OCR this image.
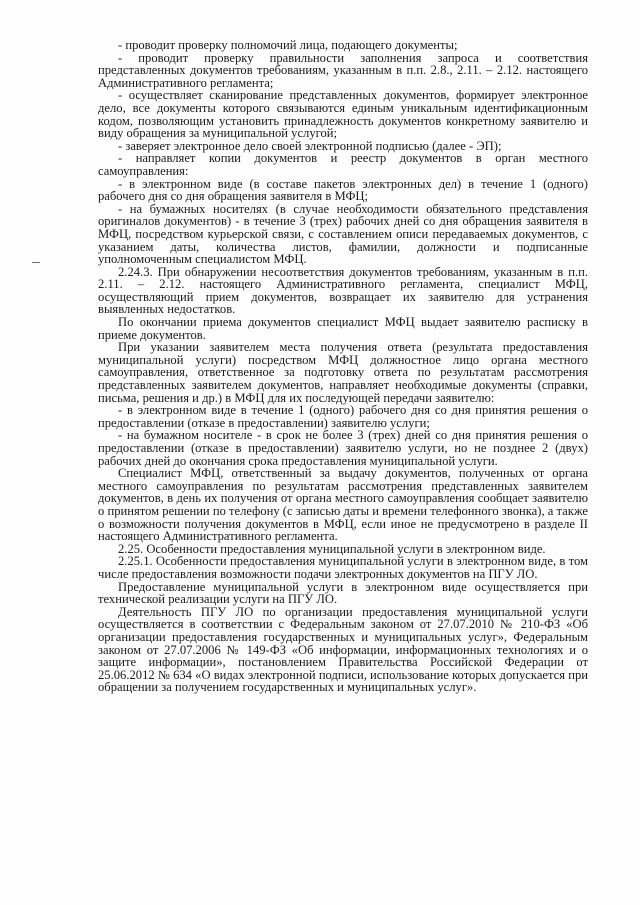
- проводит проверку полномочий лица, подающего документы;

- проводит проверку правильности заполнения запроса и соответствия представленных документов требованиям, указанным в п.п. 2.8., 2.11. – 2.12. настоящего Административного регламента;

- осуществляет сканирование представленных документов, формирует электронное дело, все документы которого связываются единым уникальным идентификационным кодом, позволяющим установить принадлежность документов конкретному заявителю и виду обращения за муниципальной услугой;

- заверяет электронное дело своей электронной подписью (далее - ЭП);

- направляет копии документов и реестр документов в орган местного самоуправления:

- в электронном виде (в составе пакетов электронных дел) в течение 1 (одного) рабочего дня со дня обращения заявителя в МФЦ;

- на бумажных носителях (в случае необходимости обязательного представления оригиналов документов) - в течение 3 (трех) рабочих дней со дня обращения заявителя в МФЦ, посредством курьерской связи, с составлением описи передаваемых документов, с указанием даты, количества листов, фамилии, должности и подписанные уполномоченным специалистом МФЦ.

2.24.3. При обнаружении несоответствия документов требованиям, указанным в п.п. 2.11. – 2.12. настоящего Административного регламента, специалист МФЦ, осуществляющий прием документов, возвращает их заявителю для устранения выявленных недостатков.

По окончании приема документов специалист МФЦ выдает заявителю расписку в приеме документов.

При указании заявителем места получения ответа (результата предоставления муниципальной услуги) посредством МФЦ должностное лицо органа местного самоуправления, ответственное за подготовку ответа по результатам рассмотрения представленных заявителем документов, направляет необходимые документы (справки, письма, решения и др.) в МФЦ для их последующей передачи заявителю:

- в электронном виде в течение 1 (одного) рабочего дня со дня принятия решения о предоставлении (отказе в предоставлении) заявителю услуги;

- на бумажном носителе - в срок не более 3 (трех) дней со дня принятия решения о предоставлении (отказе в предоставлении) заявителю услуги, но не позднее 2 (двух) рабочих дней до окончания срока предоставления муниципальной услуги.

Специалист МФЦ, ответственный за выдачу документов, полученных от органа местного самоуправления по результатам рассмотрения представленных заявителем документов, в день их получения от органа местного самоуправления сообщает заявителю о принятом решении по телефону (с записью даты и времени телефонного звонка), а также о возможности получения документов в МФЦ, если иное не предусмотрено в разделе II настоящего Административного регламента.

2.25. Особенности предоставления муниципальной услуги в электронном виде.

2.25.1. Особенности предоставления муниципальной услуги в электронном виде, в том числе предоставления возможности подачи электронных документов на ПГУ ЛО.

Предоставление муниципальной услуги в электронном виде осуществляется при технической реализации услуги на ПГУ ЛО.

Деятельность ПГУ ЛО по организации предоставления муниципальной услуги осуществляется в соответствии с Федеральным законом от 27.07.2010 № 210-ФЗ «Об организации предоставления государственных и муниципальных услуг», Федеральным законом от 27.07.2006 № 149-ФЗ «Об информации, информационных технологиях и о защите информации», постановлением Правительства Российской Федерации от 25.06.2012 № 634 «О видах электронной подписи, использование которых допускается при обращении за получением государственных и муниципальных услуг».
